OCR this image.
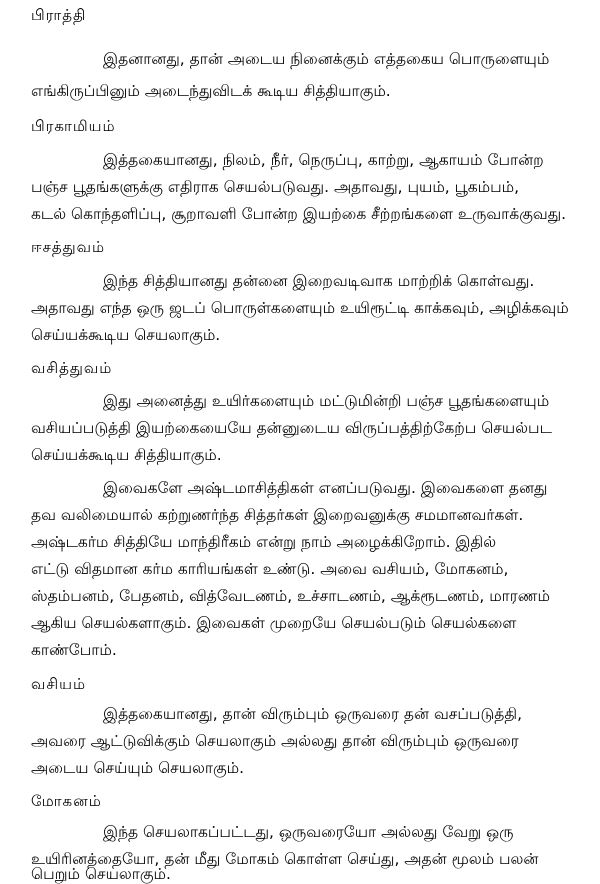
பிராத்தி
இதனானது, தான் அடைய நினைக்கும் எத்தகைய பொருளையும்
எங்கிருப்பினும் அடைந்துவிடக் கூடிய சித்தியாகும்.
பிரகாமியம்
இத்தகையானது, நிலம், நீர், நெருப்பு, காற்று, ஆகாயம் போன்ற
பஞ்ச பூதங்களுக்கு எதிராக செயல்படுவது. அதாவது, புயம், பூகம்பம்,
கடல் கொந்தளிப்பு, சூறாவளி போன்ற இயற்கை சீற்றங்களை உருவாக்குவது.
ஈசத்துவம்
இந்த சித்தியானது தன்னை இறைவடிவாக மாற்றிக் கொள்வது.
அதாவது எந்த ஒரு ஜடப் பொருள்களையும் உயிரூட்டி காக்கவும், அழிக்கவும்
செய்யக்கூடிய செயலாகும்.
வசித்துவம்
இது அனைத்து உயிர்களையும் மட்டுமின்றி பஞ்ச பூதங்களையும்
வசியப்படுத்தி இயற்கையையே தன்னுடைய விருப்பத்திற்கேற்ப செயல்பட
செய்யக்கூடிய சித்தியாகும்.
இவைகளே அஷ்டமாசித்திகள் எனப்படுவது. இவைகளை தனது
தவ வலிமையால் கற்றுணர்ந்த சித்தர்கள் இறைவனுக்கு சமமானவர்கள்.
அஷ்டகர்ம சித்தியே மாந்திரீகம் என்று நாம் அழைக்கிறோம். இதில்
எட்டு விதமான கர்ம காரியங்கள் உண்டு. அவை வசியம், மோகனம்,
ஸ்தம்பனம், பேதனம், வித்வேடணம், உச்சாடணம், ஆக்ரூடணம், மாரணம்
ஆகிய செயல்களாகும். இவைகள் முறையே செயல்படும் செயல்களை
காண்போம்.
வசியம்
இத்தகையானது, தான் விரும்பும் ஒருவரை தன் வசப்படுத்தி,
அவரை ஆட்டுவிக்கும் செயலாகும் அல்லது தான் விரும்பும் ஒருவரை
அடைய செய்யும் செயலாகும்.
மோகனம்
இந்த செயலாகப்பட்டது, ஒருவரையோ அல்லது வேறு ஒரு
உயிரினத்தையோ, தன் மீது மோகம் கொள்ள செய்து, அதன் மூலம் பலன்
பெறும் செயலாகும்.
